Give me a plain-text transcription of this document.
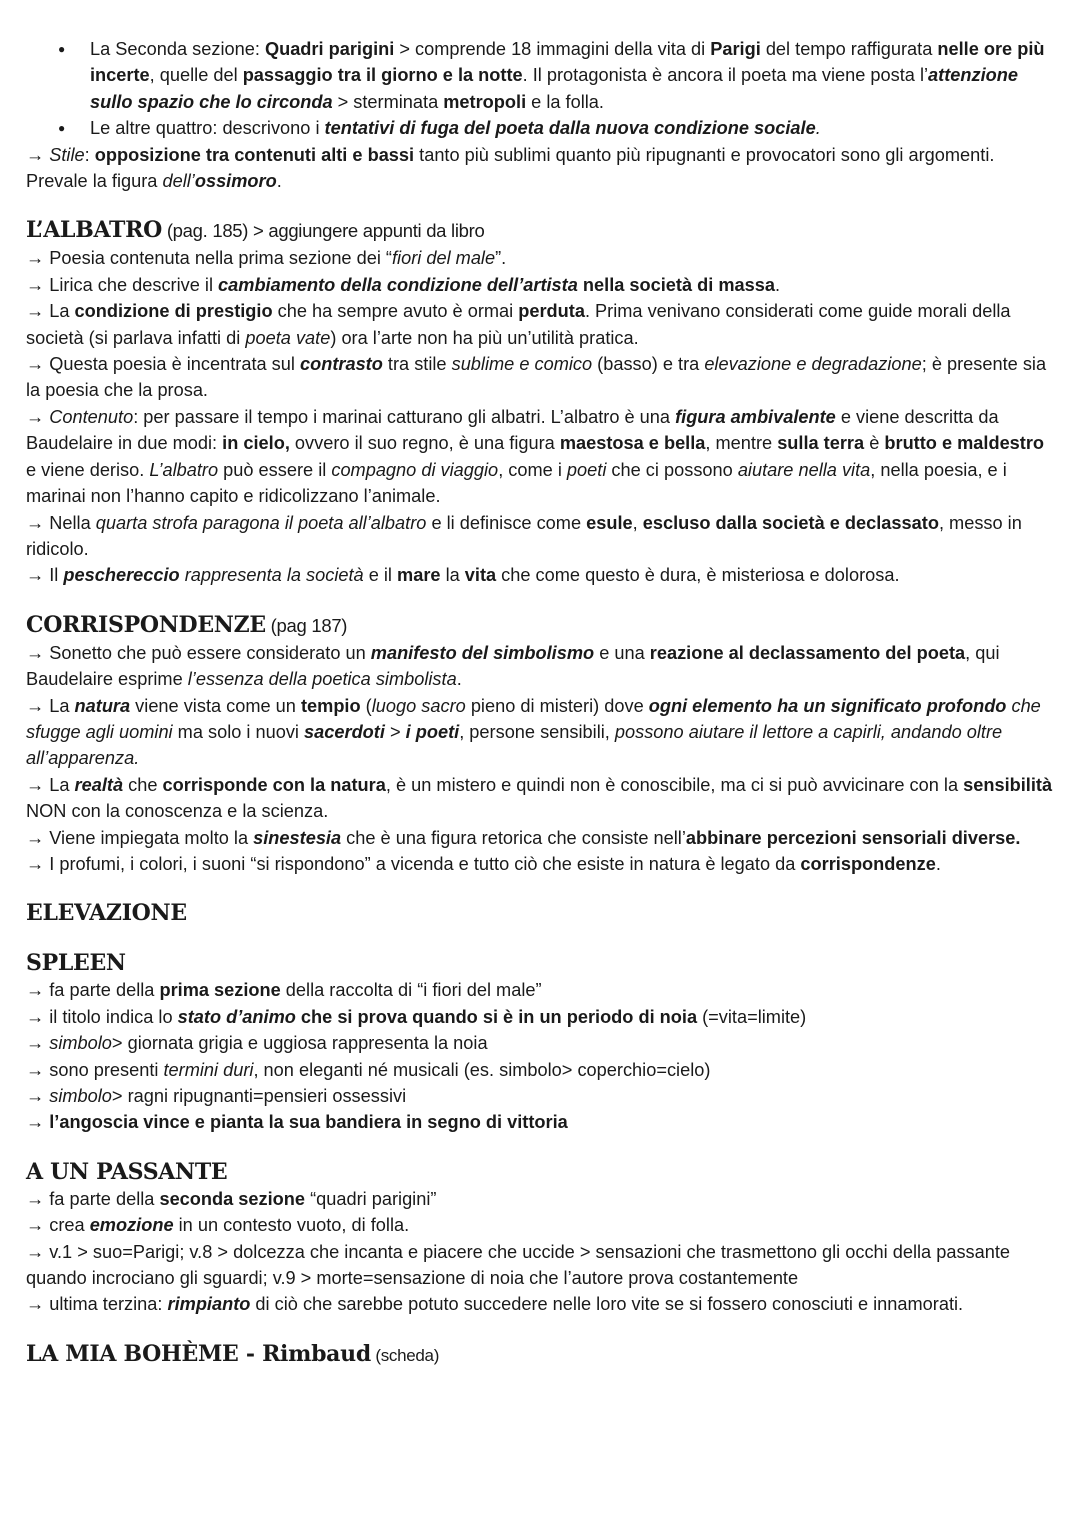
● La Seconda sezione: Quadri parigini > comprende 18 immagini della vita di Parigi del tempo raffigurata nelle ore più incerte, quelle del passaggio tra il giorno e la notte. Il protagonista è ancora il poeta ma viene posta l’attenzione sullo spazio che lo circonda > sterminata metropoli e la folla.
● Le altre quattro: descrivono i tentativi di fuga del poeta dalla nuova condizione sociale.

→ Stile: opposizione tra contenuti alti e bassi tanto più sublimi quanto più ripugnanti e provocatori sono gli argomenti. Prevale la figura dell’ossimoro.

L’ALBATRO (pag. 185) > aggiungere appunti da libro

→ Poesia contenuta nella prima sezione dei “fiori del male”.

→ Lirica che descrive il cambiamento della condizione dell’artista nella società di massa.

→ La condizione di prestigio che ha sempre avuto è ormai perduta. Prima venivano considerati come guide morali della società (si parlava infatti di poeta vate) ora l’arte non ha più un’utilità pratica.

→ Questa poesia è incentrata sul contrasto tra stile sublime e comico (basso) e tra elevazione e degradazione; è presente sia la poesia che la prosa.

→ Contenuto: per passare il tempo i marinai catturano gli albatri. L’albatro è una figura ambivalente e viene descritta da Baudelaire in due modi: in cielo, ovvero il suo regno, è una figura maestosa e bella, mentre sulla terra è brutto e maldestro e viene deriso. L’albatro può essere il compagno di viaggio, come i poeti che ci possono aiutare nella vita, nella poesia, e i marinai non l’hanno capito e ridicolizzano l’animale.

→ Nella quarta strofa paragona il poeta all’albatro e li definisce come esule, escluso dalla società e declassato, messo in ridicolo.

→ Il peschereccio rappresenta la società e il mare la vita che come questo è dura, è misteriosa e dolorosa.

CORRISPONDENZE (pag 187)

→ Sonetto che può essere considerato un manifesto del simbolismo e una reazione al declassamento del poeta, qui Baudelaire esprime l’essenza della poetica simbolista.

→ La natura viene vista come un tempio (luogo sacro pieno di misteri) dove ogni elemento ha un significato profondo che sfugge agli uomini ma solo i nuovi sacerdoti > i poeti, persone sensibili, possono aiutare il lettore a capirli, andando oltre all’apparenza.

→ La realtà che corrisponde con la natura, è un mistero e quindi non è conoscibile, ma ci si può avvicinare con la sensibilità NON con la conoscenza e la scienza.

→ Viene impiegata molto la sinestesia che è una figura retorica che consiste nell’abbinare percezioni sensoriali diverse.

→ I profumi, i colori, i suoni “si rispondono” a vicenda e tutto ciò che esiste in natura è legato da corrispondenze.

ELEVAZIONE
SPLEEN

→ fa parte della prima sezione della raccolta di “i fiori del male”

→ il titolo indica lo stato d’animo che si prova quando si è in un periodo di noia (=vita=limite)

→ simbolo> giornata grigia e uggiosa rappresenta la noia

→ sono presenti termini duri, non eleganti né musicali (es. simbolo> coperchio=cielo)

→ simbolo> ragni ripugnanti=pensieri ossessivi

→ l’angoscia vince e pianta la sua bandiera in segno di vittoria

A UN PASSANTE

→ fa parte della seconda sezione “quadri parigini”

→ crea emozione in un contesto vuoto, di folla.

→ v.1 > suo=Parigi; v.8 > dolcezza che incanta e piacere che uccide > sensazioni che trasmettono gli occhi della passante quando incrociano gli sguardi; v.9 > morte=sensazione di noia che l’autore prova costantemente

→ ultima terzina: rimpianto di ciò che sarebbe potuto succedere nelle loro vite se si fossero conosciuti e innamorati.

LA MIA BOHÈME - Rimbaud (scheda)
